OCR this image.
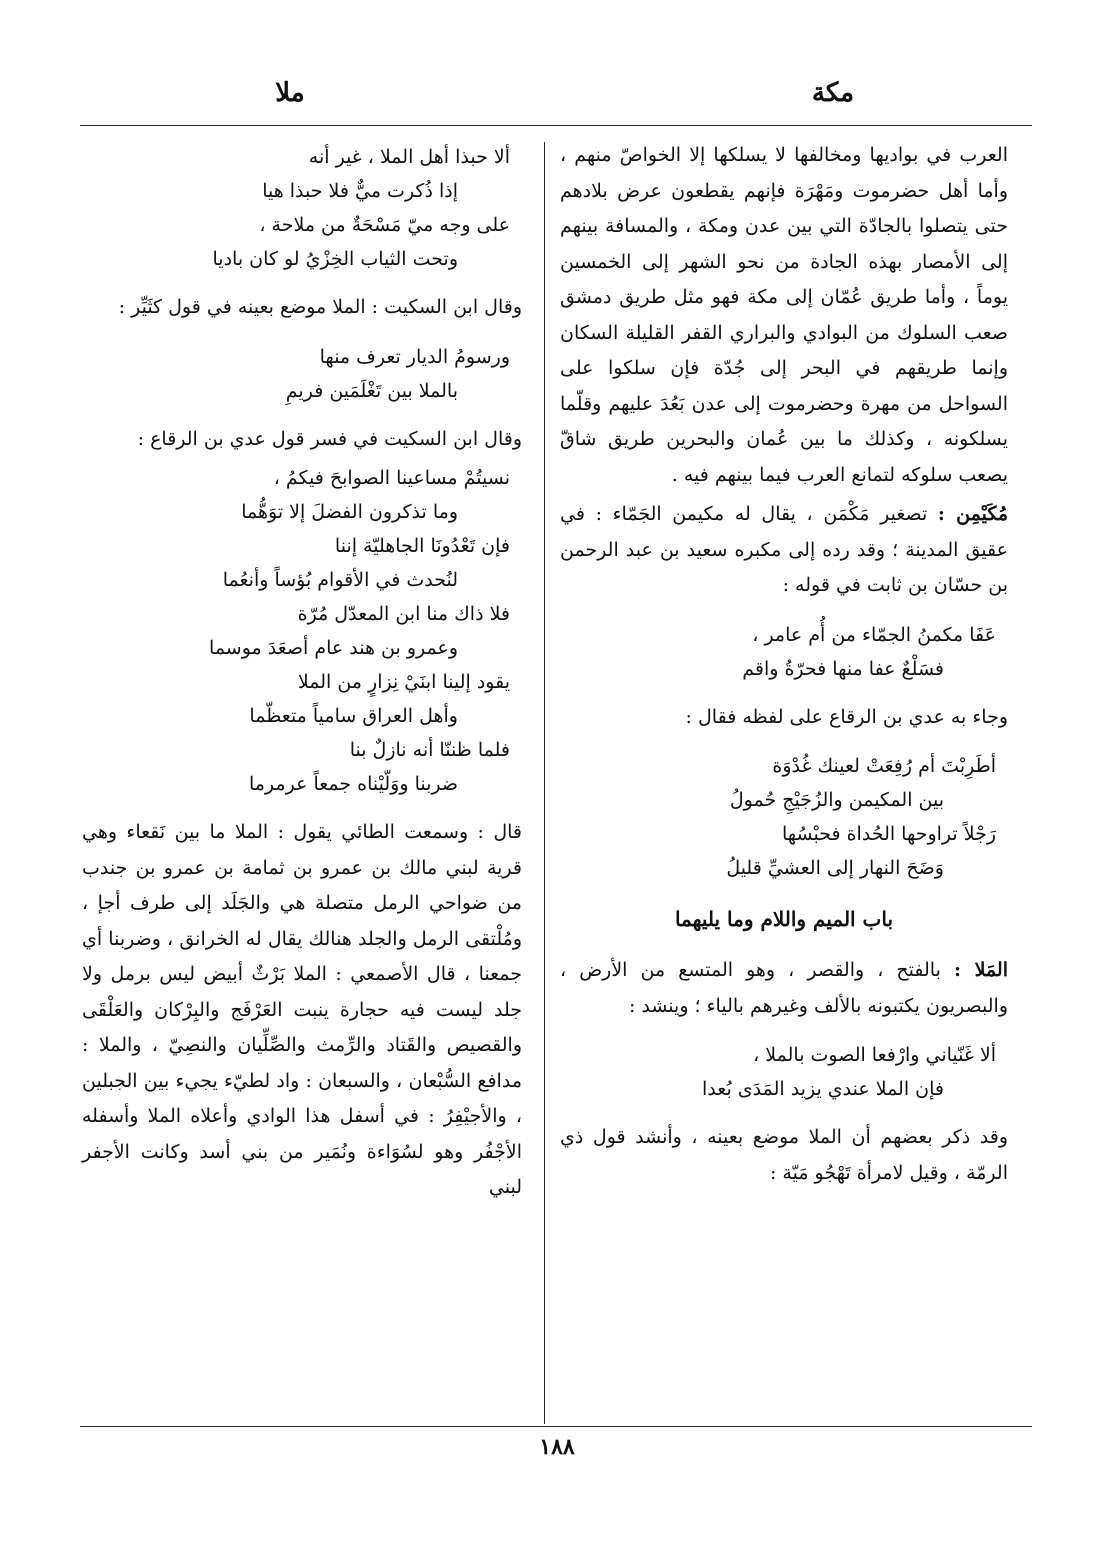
مكة
ملا

العرب في بواديها ومخالفها لا يسلكها إلا الخواصّ منهم ، وأما أهل حضرموت ومَهْرَة فإنهم يقطعون عرض بلادهم حتى يتصلوا بالجادّة التي بين عدن ومكة ، والمسافة بينهم إلى الأمصار بهذه الجادة من نحو الشهر إلى الخمسين يوماً ، وأما طريق عُمّان إلى مكة فهو مثل طريق دمشق صعب السلوك من البوادي والبراري القفر القليلة السكان وإنما طريقهم في البحر إلى جُدّة فإن سلكوا على السواحل من مهرة وحضرموت إلى عدن بَعُدَ عليهم وقلّما يسلكونه ، وكذلك ما بين عُمان والبحرين طريق شاقّ يصعب سلوكه لتمانع العرب فيما بينهم فيه .

مُكَيْمِن : تصغير مَكْمَن ، يقال له مكيمن الجَمّاء : في عقيق المدينة ؛ وقد رده إلى مكبره سعيد بن عبد الرحمن بن حسّان بن ثابت في قوله :

عَفَا مكمنُ الجمّاء من أُم عامر ،
فسَلْعٌ عفا منها فحرّةُ واقم

وجاء به عدي بن الرقاع على لفظه فقال :

أطَرِبْتَ أم رُفِعَتْ لعينك غُدْوَة
بين المكيمن والزُجَيْجِ حُمولُ
رَجْلاً تراوحها الحُداة فحبْسُها
وَضَحَ النهار إلى العشيِّ قليلُ
باب الميم واللام وما يليهما

المَلا : بالفتح ، والقصر ، وهو المتسع من الأرض ، والبصريون يكتبونه بالألف وغيرهم بالياء ؛ وينشد :

ألا غَنّياني وارْفعا الصوت بالملا ،
فإن الملا عندي يزيد المَدَى بُعدا

وقد ذكر بعضهم أن الملا موضع بعينه ، وأنشد قول ذي الرمّة ، وقيل لامرأة تَهْجُو مَيّة :

ألا حبذا أهل الملا ، غير أنه
إذا ذُكرت ميٌّ فلا حبذا هيا
على وجه ميّ مَسْحَةٌ من ملاحة ،
وتحت الثياب الخِزْيُ لو كان باديا

وقال ابن السكيت : الملا موضع بعينه في قول كثَيِّر :

ورسومُ الديار تعرف منها
بالملا بين تَغْلَمَين فريمِ

وقال ابن السكيت في فسر قول عدي بن الرقاع :

نسيتُمْ مساعينا الصوابحَ فيكمُ ،
وما تذكرون الفضلَ إلا توَهُّما
فإن تَعْدُونَا الجاهليّة إننا
لنُحدث في الأقوام بُؤساً وأنعُما
فلا ذاك منا ابن المعدّل مُرّة
وعمرو بن هند عام أصعَدَ موسما
يقود إلينا ابنَيْ نِزارٍ من الملا
وأهل العراق سامياً متعظّما
فلما ظننّا أنه نازلٌ بنا
ضربنا ووَلّيْناه جمعاً عرمرما

قال : وسمعت الطائي يقول : الملا ما بين نَقعاء وهي قرية لبني مالك بن عمرو بن ثمامة بن عمرو بن جندب من ضواحي الرمل متصلة هي والجَلَد إلى طرف أجإ ، ومُلْتقى الرمل والجلد هنالك يقال له الخرانق ، وضربنا أي جمعنا ، قال الأصمعي : الملا بَرْثٌ أبيض ليس برمل ولا جلد ليست فيه حجارة ينبت العَرْفَج والبِرْكان والعَلْقَى والقصيص والقَتاد والرِّمث والصِّلِّيان والنصِيّ ، والملا : مدافع السُّبْعان ، والسبعان : واد لطيّء يجيء بين الجبلين ، والأجيْفِرُ : في أسفل هذا الوادي وأعلاه الملا وأسفله الأجْفُر وهو لسُوَاءة ونُمَير من بني أسد وكانت الأجفر لبني

١٨٨
